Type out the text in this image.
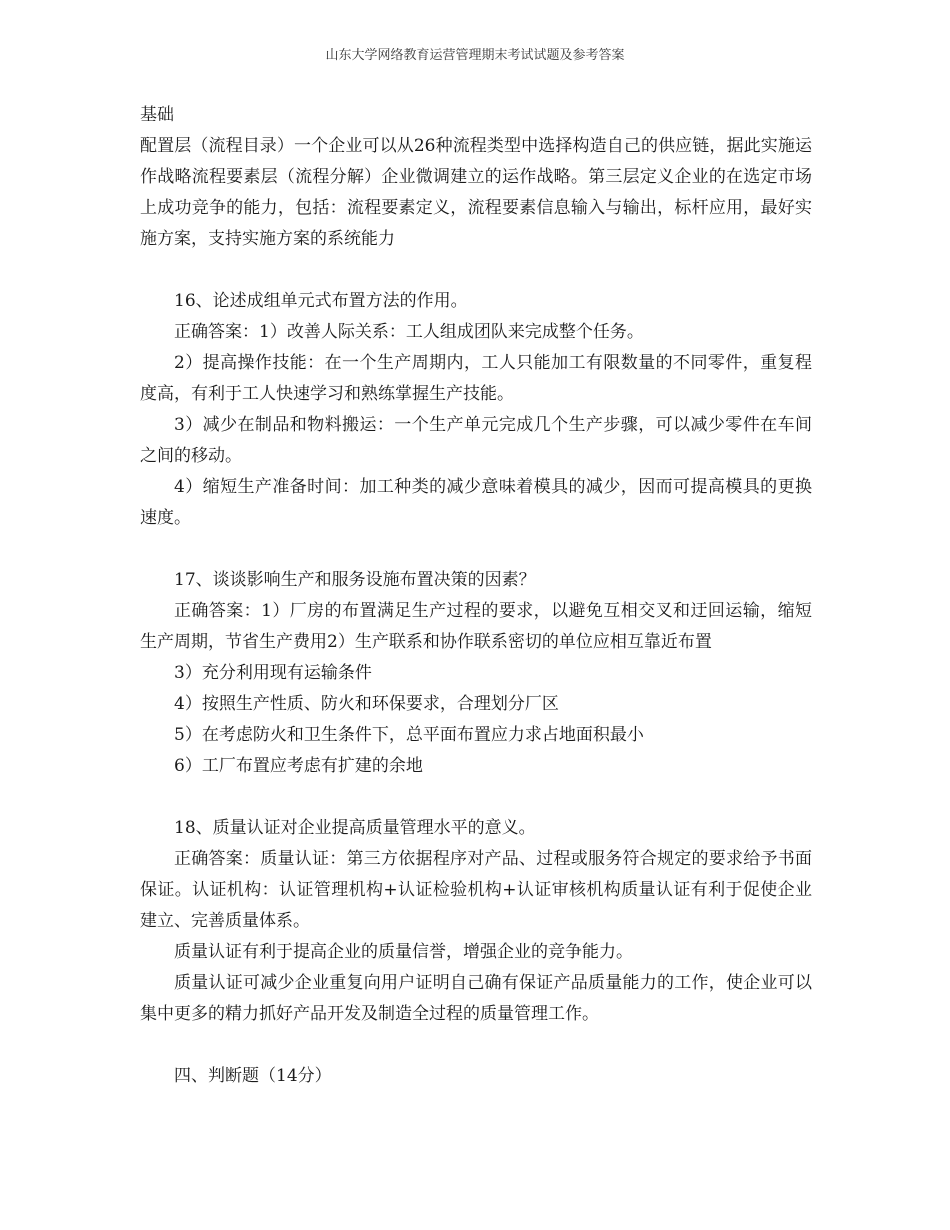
山东大学网络教育运营管理期末考试试题及参考答案

基础

配置层（流程目录）一个企业可以从26种流程类型中选择构造自己的供应链，据此实施运作战略流程要素层（流程分解）企业微调建立的运作战略。第三层定义企业的在选定市场上成功竞争的能力，包括：流程要素定义，流程要素信息输入与输出，标杆应用，最好实施方案，支持实施方案的系统能力

16、论述成组单元式布置方法的作用。

正确答案：1）改善人际关系：工人组成团队来完成整个任务。

2）提高操作技能：在一个生产周期内，工人只能加工有限数量的不同零件，重复程度高，有利于工人快速学习和熟练掌握生产技能。

3）减少在制品和物料搬运：一个生产单元完成几个生产步骤，可以减少零件在车间之间的移动。

4）缩短生产准备时间：加工种类的减少意味着模具的减少，因而可提高模具的更换速度。

17、谈谈影响生产和服务设施布置决策的因素？

正确答案：1）厂房的布置满足生产过程的要求，以避免互相交叉和迂回运输，缩短生产周期，节省生产费用2）生产联系和协作联系密切的单位应相互靠近布置

3）充分利用现有运输条件

4）按照生产性质、防火和环保要求，合理划分厂区

5）在考虑防火和卫生条件下，总平面布置应力求占地面积最小

6）工厂布置应考虑有扩建的余地

18、质量认证对企业提高质量管理水平的意义。

正确答案：质量认证：第三方依据程序对产品、过程或服务符合规定的要求给予书面保证。认证机构：认证管理机构+认证检验机构+认证审核机构质量认证有利于促使企业建立、完善质量体系。

质量认证有利于提高企业的质量信誉，增强企业的竞争能力。

质量认证可减少企业重复向用户证明自己确有保证产品质量能力的工作，使企业可以集中更多的精力抓好产品开发及制造全过程的质量管理工作。

四、判断题（14分）
